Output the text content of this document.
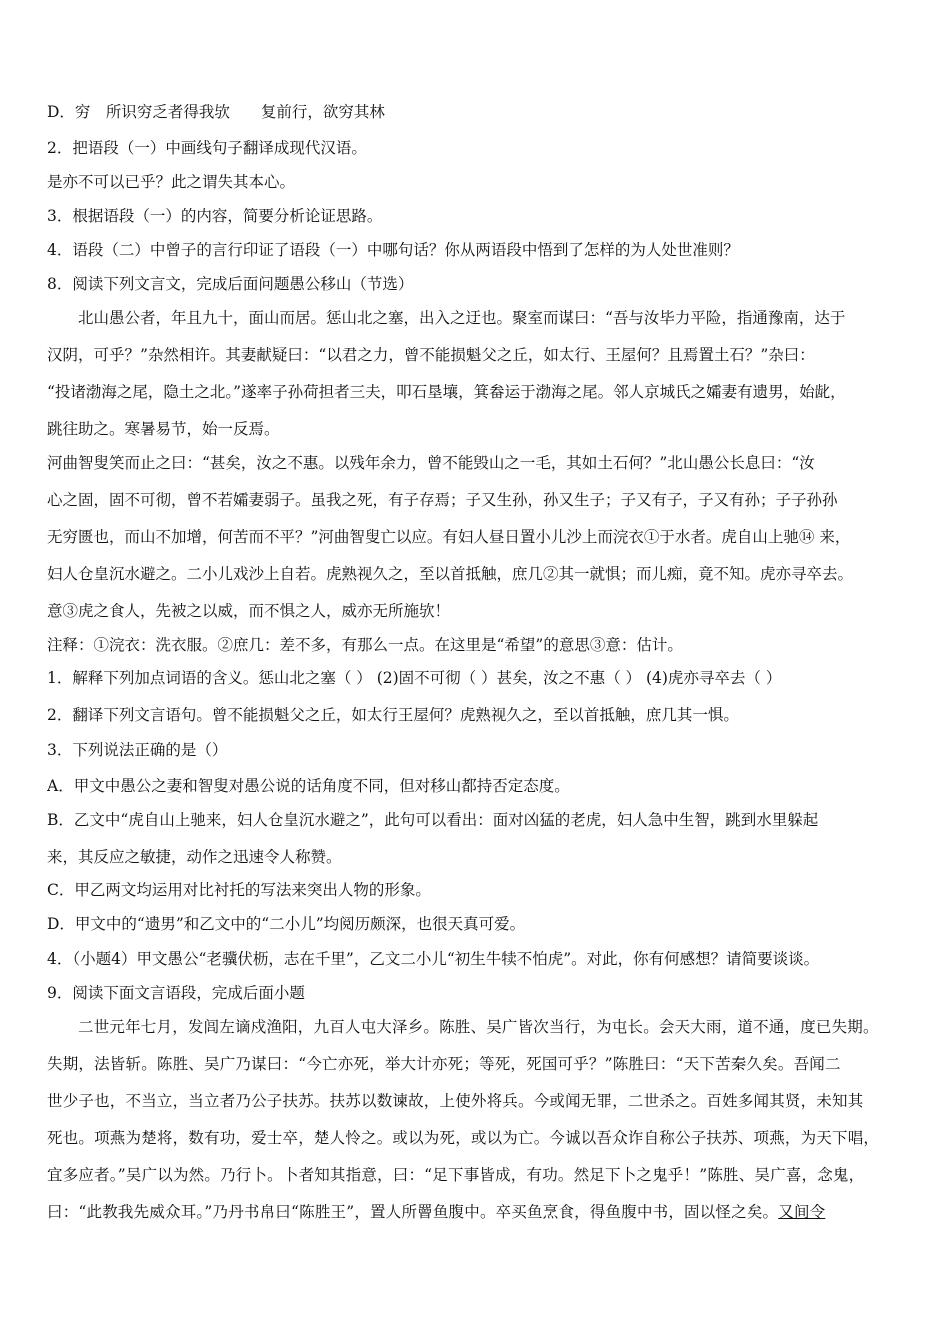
D．穷　所识穷乏者得我欤　　复前行，欲穷其林
2．把语段（一）中画线句子翻译成现代汉语。
是亦不可以已乎？此之谓失其本心。
3．根据语段（一）的内容，简要分析论证思路。
4．语段（二）中曾子的言行印证了语段（一）中哪句话？你从两语段中悟到了怎样的为人处世准则？
8．阅读下列文言文，完成后面问题愚公移山（节选）
北山愚公者，年且九十，面山而居。惩山北之塞，出入之迂也。聚室而谋曰：“吾与汝毕力平险，指通豫南，达于
汉阴，可乎？”杂然相许。其妻献疑曰：“以君之力，曾不能损魁父之丘，如太行、王屋何？且焉置土石？”杂曰：
“投诸渤海之尾，隐土之北。”遂率子孙荷担者三夫，叩石垦壤，箕畚运于渤海之尾。邻人京城氏之孀妻有遗男，始龀，
跳往助之。寒暑易节，始一反焉。
河曲智叟笑而止之曰：“甚矣，汝之不惠。以残年余力，曾不能毁山之一毛，其如土石何？”北山愚公长息曰：“汝
心之固，固不可彻，曾不若孀妻弱子。虽我之死，有子存焉；子又生孙，孙又生子；子又有子，子又有孙；子子孙孙
无穷匮也，而山不加增，何苦而不平？”河曲智叟亡以应。有妇人昼日置小儿沙上而浣衣①于水者。虎自山上驰⑭ 来，
妇人仓皇沉水避之。二小儿戏沙上自若。虎熟视久之，至以首抵触，庶几②其一就惧；而儿痴，竟不知。虎亦寻卒去。
意③虎之食人，先被之以威，而不惧之人，威亦无所施欤！
注释：①浣衣：洗衣服。②庶几：差不多，有那么一点。在这里是“希望”的意思③意：估计。
1．解释下列加点词语的含义。惩山北之塞（ ） (2)固不可彻（ ）甚矣，汝之不惠（ ） (4)虎亦寻卒去（ ）
2．翻译下列文言语句。曾不能损魁父之丘，如太行王屋何？虎熟视久之，至以首抵触，庶几其一惧。
3．下列说法正确的是（）
A．甲文中愚公之妻和智叟对愚公说的话角度不同，但对移山都持否定态度。
B．乙文中“虎自山上驰来，妇人仓皇沉水避之”，此句可以看出：面对凶猛的老虎，妇人急中生智，跳到水里躲起
来，其反应之敏捷，动作之迅速令人称赞。
C．甲乙两文均运用对比衬托的写法来突出人物的形象。
D．甲文中的“遗男”和乙文中的“二小儿”均阅历颇深，也很天真可爱。
4．（小题4）甲文愚公“老骥伏枥，志在千里”，乙文二小儿“初生牛犊不怕虎”。对此，你有何感想？请简要谈谈。
9．阅读下面文言语段，完成后面小题
二世元年七月，发闾左谪戍渔阳，九百人屯大泽乡。陈胜、吴广皆次当行，为屯长。会天大雨，道不通，度已失期。
失期，法皆斩。陈胜、吴广乃谋曰：“今亡亦死，举大计亦死；等死，死国可乎？”陈胜曰：“天下苦秦久矣。吾闻二
世少子也，不当立，当立者乃公子扶苏。扶苏以数谏故，上使外将兵。今或闻无罪，二世杀之。百姓多闻其贤，未知其
死也。项燕为楚将，数有功，爱士卒，楚人怜之。或以为死，或以为亡。今诚以吾众诈自称公子扶苏、项燕，为天下唱，
宜多应者。”吴广以为然。乃行卜。卜者知其指意，曰：“足下事皆成，有功。然足下卜之鬼乎！”陈胜、吴广喜，念鬼，
曰：“此教我先威众耳。”乃丹书帛曰“陈胜王”，置人所罾鱼腹中。卒买鱼烹食，得鱼腹中书，固以怪之矣。又间令
